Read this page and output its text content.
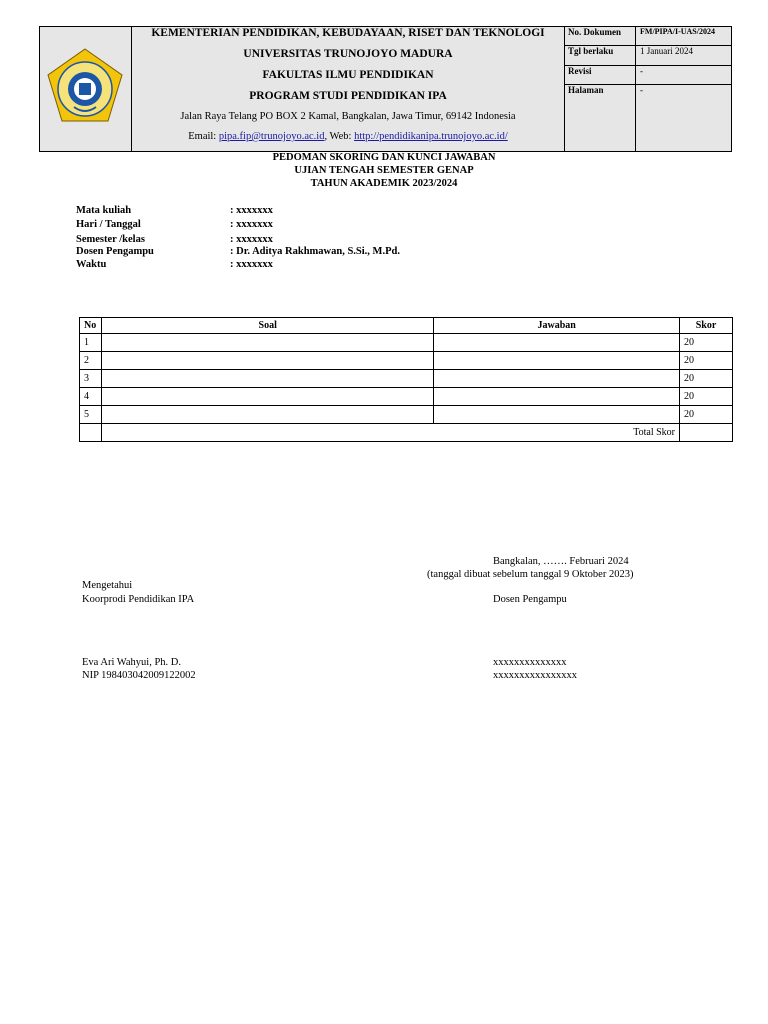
KEMENTERIAN PENDIDIKAN, KEBUDAYAAN, RISET DAN TEKNOLOGI
UNIVERSITAS TRUNOJOYO MADURA
FAKULTAS ILMU PENDIDIKAN
PROGRAM STUDI PENDIDIKAN IPA
Jalan Raya Telang PO BOX 2 Kamal, Bangkalan, Jawa Timur, 69142 Indonesia
Email: pipa.fip@trunojoyo.ac.id, Web: http://pendidikanipa.trunojoyo.ac.id/
No. Dokumen FM/PIPA/I-UAS/2024
Tgl berlaku	1 Januari 2024
Revisi	-
Halaman	-
PEDOMAN SKORING DAN KUNCI JAWABAN
UJIAN TENGAH SEMESTER GENAP
TAHUN AKADEMIK 2023/2024
Mata kuliah	: xxxxxxx
Hari / Tanggal	: xxxxxxx
Semester /kelas	: xxxxxxx
Dosen Pengampu	: Dr. Aditya Rakhmawan, S.Si., M.Pd.
Waktu	: xxxxxxx
No	Soal	Jawaban	Skor
1			20
2			20
3			20
4			20
5			20
	Total Skor		
Bangkalan, ……. Februari 2024
(tanggal dibuat sebelum tanggal 9 Oktober 2023)
Mengetahui
Koorprodi Pendidikan IPA	Dosen Pengampu
Eva Ari Wahyui, Ph. D.
NIP 198403042009122002
xxxxxxxxxxxxxx
xxxxxxxxxxxxxxxx
